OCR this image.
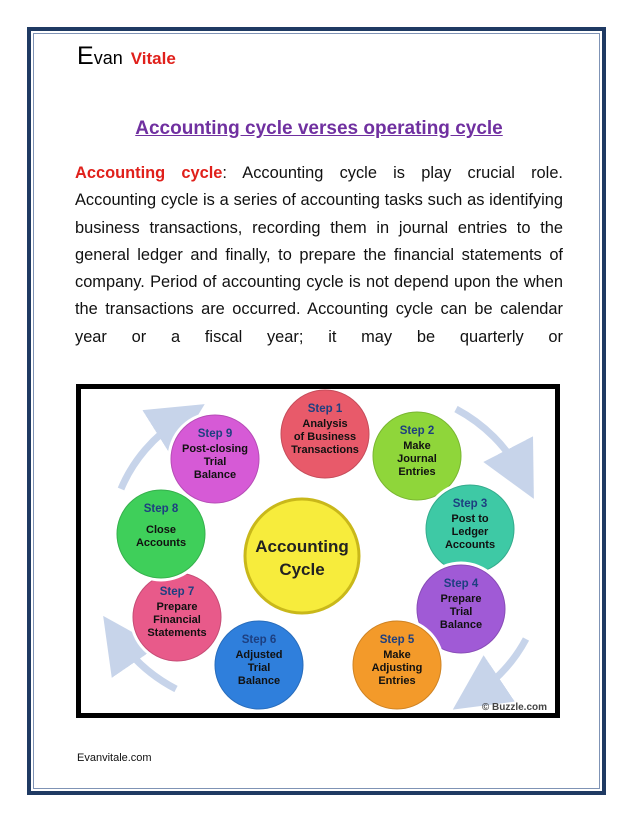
Evan Vitale
Accounting cycle verses operating cycle
Accounting cycle: Accounting cycle is play crucial role. Accounting cycle is a series of accounting tasks such as identifying business transactions, recording them in journal entries to the general ledger and finally, to prepare the financial statements of company. Period of accounting cycle is not depend upon the when the transactions are occurred. Accounting cycle can be calendar year or a fiscal year; it may be quarterly or
Step 1
Analysis
of Business
Transactions
Step 2
Make
Journal
Entries
Step 3
Post to
Ledger
Accounts
Step 4
Prepare
Trial
Balance
Step 5
Make
Adjusting
Entries
Step 6
Adjusted
Trial
Balance
Step 7
Prepare
Financial
Statements
Step 8
Close
Accounts
Step 9
Post-closing
Trial
Balance
Accounting
Cycle
© Buzzle.com
Evanvitale.com
